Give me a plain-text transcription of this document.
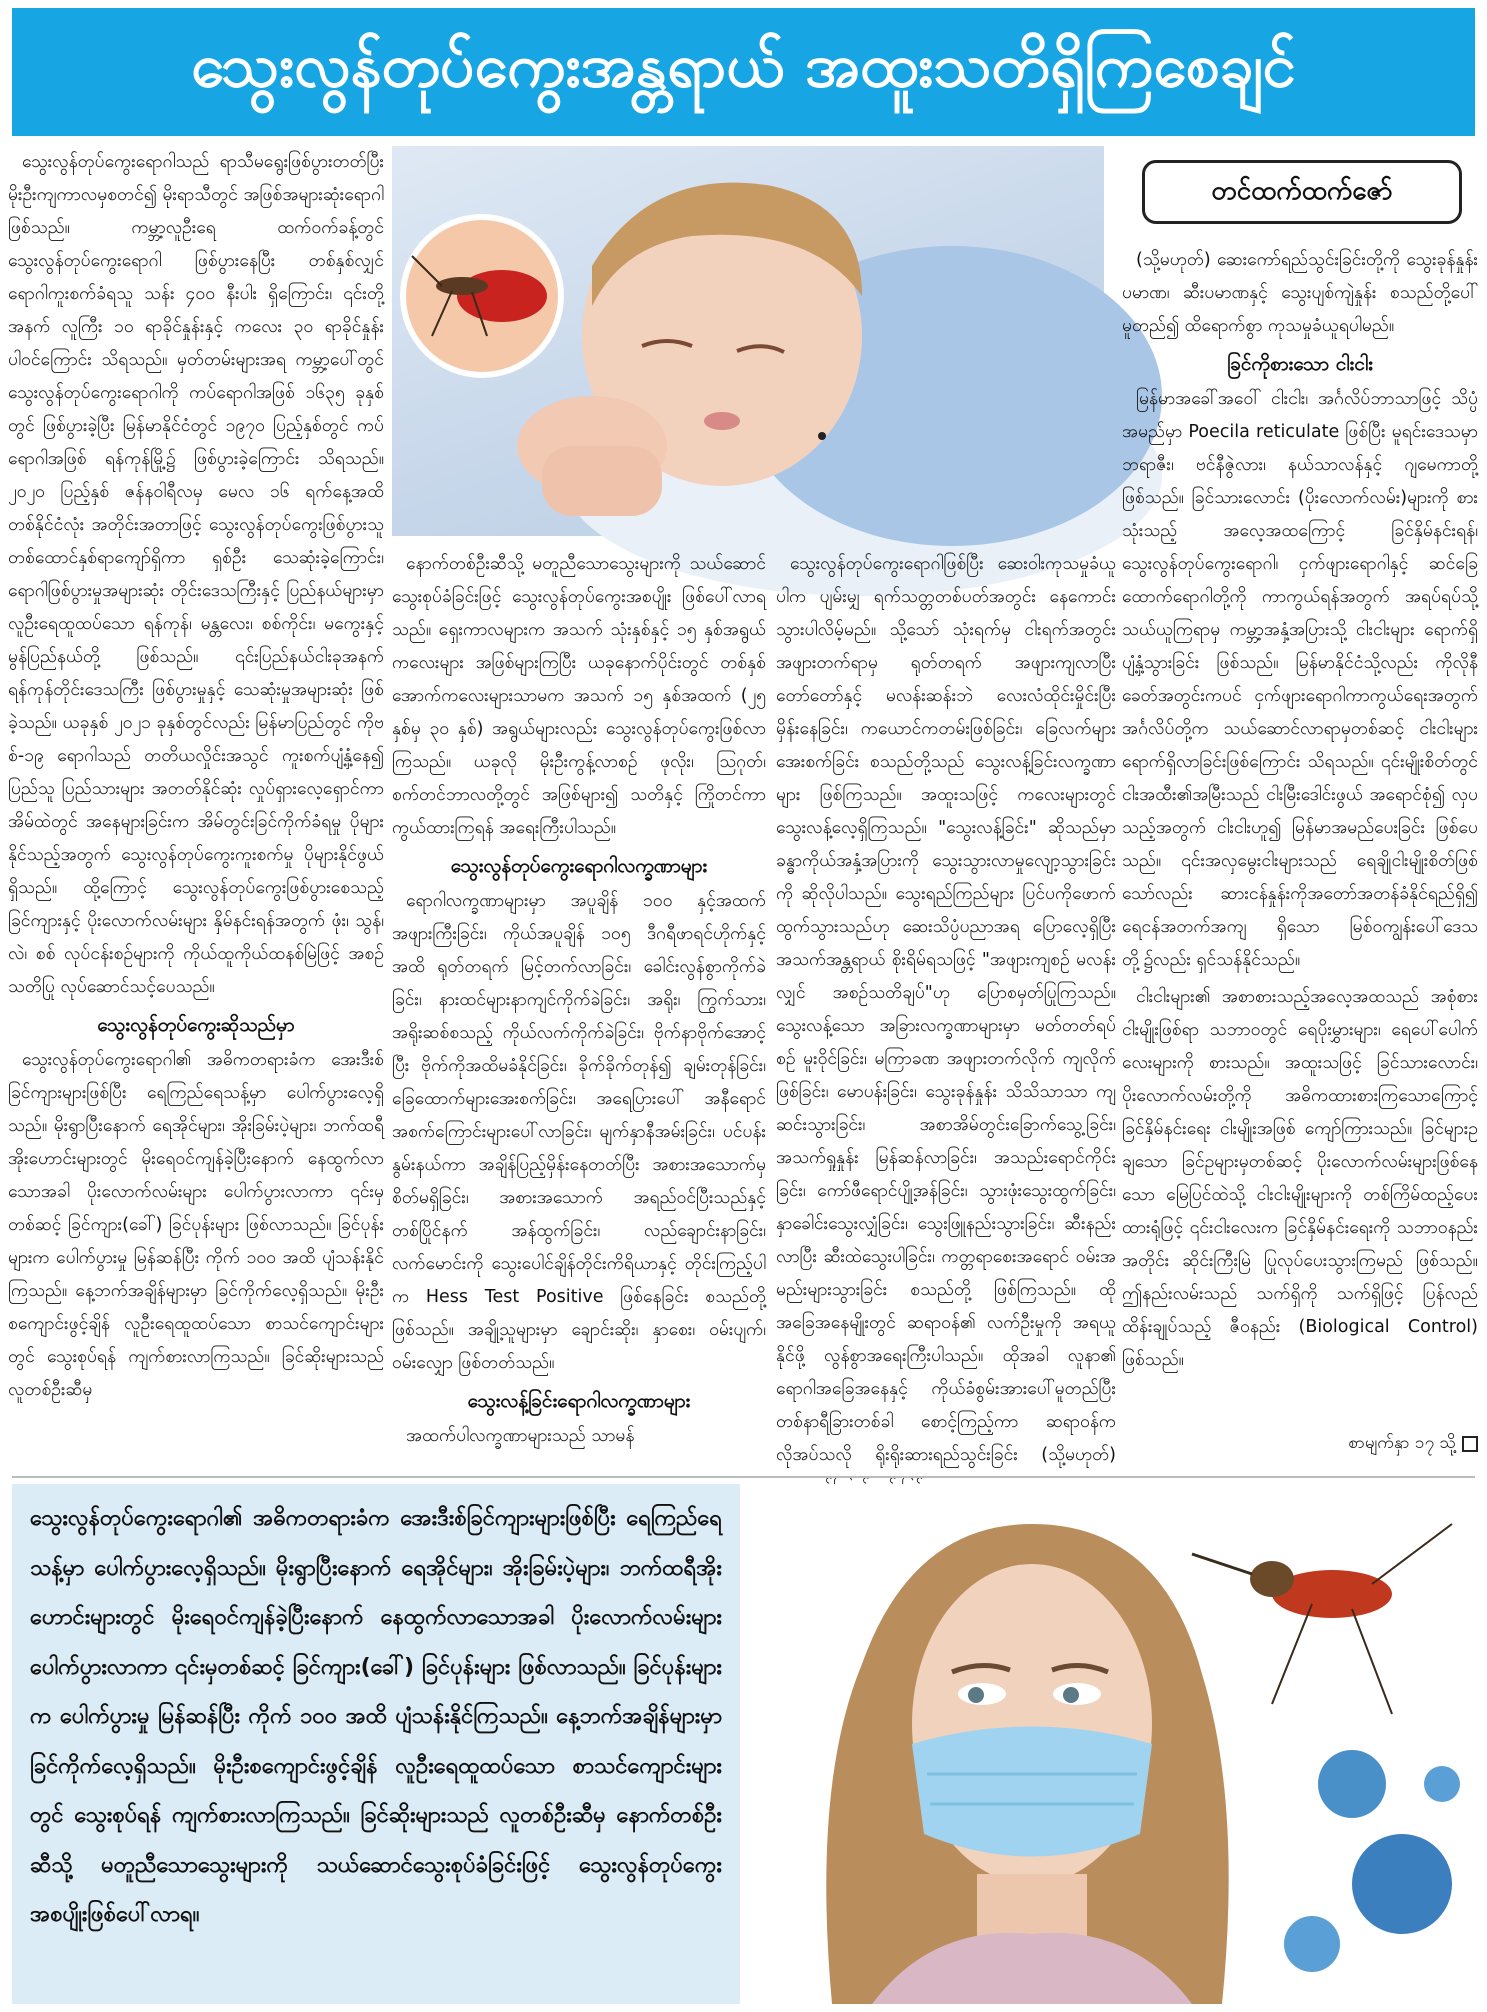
သွေးလွန်တုပ်ကွေးအန္တရာယ် အထူးသတိရှိကြစေချင်

သွေးလွန်တုပ်ကွေးရောဂါသည် ရာသီမရွေးဖြစ်ပွားတတ်ပြီး မိုးဦးကျကာလမှစတင်၍ မိုးရာသီတွင် အဖြစ်အများဆုံးရောဂါ ဖြစ်သည်။ ကမ္ဘာ့လူဦးရေ ထက်ဝက်ခန့်တွင် သွေးလွန်တုပ်ကွေးရောဂါ ဖြစ်ပွားနေပြီး တစ်နှစ်လျှင် ရောဂါကူးစက်ခံရသူ သန်း ၄၀၀ နီးပါး ရှိကြောင်း၊ ၎င်းတို့အနက် လူကြီး ၁၀ ရာခိုင်နှုန်းနှင့် ကလေး ၃၀ ရာခိုင်နှုန်း ပါဝင်ကြောင်း သိရသည်။ မှတ်တမ်းများအရ ကမ္ဘာ့ပေါ်တွင် သွေးလွန်တုပ်ကွေးရောဂါကို ကပ်ရောဂါအဖြစ် ၁၆၃၅ ခုနှစ်တွင် ဖြစ်ပွားခဲ့ပြီး မြန်မာနိုင်ငံတွင် ၁၉၇၀ ပြည့်နှစ်တွင် ကပ်ရောဂါအဖြစ် ရန်ကုန်မြို့၌ ဖြစ်ပွားခဲ့ကြောင်း သိရသည်။ ၂၀၂၀ ပြည့်နှစ် ဇန်နဝါရီလမှ မေလ ၁၆ ရက်နေ့အထိ တစ်နိုင်ငံလုံး အတိုင်းအတာဖြင့် သွေးလွန်တုပ်ကွေးဖြစ်ပွားသူ တစ်ထောင်နှစ်ရာကျော်ရှိကာ ရှစ်ဦး သေဆုံးခဲ့ကြောင်း၊ ရောဂါဖြစ်ပွားမှုအများဆုံး တိုင်းဒေသကြီးနှင့် ပြည်နယ်များမှာ လူဦးရေထူထပ်သော ရန်ကုန်၊ မန္တလေး၊ စစ်ကိုင်း၊ မကွေးနှင့် မွန်ပြည်နယ်တို့ ဖြစ်သည်။ ၎င်းပြည်နယ်ငါးခုအနက် ရန်ကုန်တိုင်းဒေသကြီး ဖြစ်ပွားမှုနှင့် သေဆုံးမှုအများဆုံး ဖြစ်ခဲ့သည်။ ယခုနှစ် ၂၀၂၁ ခုနှစ်တွင်လည်း မြန်မာပြည်တွင် ကိုဗစ်-၁၉ ရောဂါသည် တတိယလှိုင်းအသွင် ကူးစက်ပျံ့နှံ့နေ၍ ပြည်သူ ပြည်သားများ အတတ်နိုင်ဆုံး လှုပ်ရှားလေ့ရှောင်ကာ အိမ်ထဲတွင် အနေများခြင်းက အိမ်တွင်းခြင်ကိုက်ခံရမှု ပိုများနိုင်သည့်အတွက် သွေးလွန်တုပ်ကွေးကူးစက်မှု ပိုများနိုင်ဖွယ်ရှိသည်။ ထို့ကြောင့် သွေးလွန်တုပ်ကွေးဖြစ်ပွားစေသည့် ခြင်ကျားနှင့် ပိုးလောက်လမ်းများ နှိမ်နင်းရန်အတွက် ဖုံး၊ သွန်၊ လဲ၊ စစ် လုပ်ငန်းစဉ်များကို ကိုယ်ထူကိုယ်ထနစ်မြဲဖြင့် အစဉ်သတိပြု လုပ်ဆောင်သင့်ပေသည်။

သွေးလွန်တုပ်ကွေးဆိုသည်မှာ

သွေးလွန်တုပ်ကွေးရောဂါ၏ အဓိကတရားခံက အေးဒီးစ်ခြင်ကျားများဖြစ်ပြီး ရေကြည်ရေသန့်မှာ ပေါက်ပွားလေ့ရှိသည်။ မိုးရွာပြီးနောက် ရေအိုင်များ၊ အိုးခြမ်းပဲ့များ၊ ဘက်ထရီအိုးဟောင်းများတွင် မိုးရေဝင်ကျန်ခဲ့ပြီးနောက် နေထွက်လာသောအခါ ပိုးလောက်လမ်းများ ပေါက်ပွားလာကာ ၎င်းမှတစ်ဆင့် ခြင်ကျား(ခေါ်) ခြင်ပုန်းများ ဖြစ်လာသည်။ ခြင်ပုန်းများက ပေါက်ပွားမှု မြန်ဆန်ပြီး ကိုက် ၁၀၀ အထိ ပျံသန်းနိုင်ကြသည်။ နေ့ဘက်အချိန်များမှာ ခြင်ကိုက်လေ့ရှိသည်။ မိုးဦးစကျောင်းဖွင့်ချိန် လူဦးရေထူထပ်သော စာသင်ကျောင်းများတွင် သွေးစုပ်ရန် ကျက်စားလာကြသည်။ ခြင်ဆိုးများသည် လူတစ်ဦးဆီမှ

တင်ထက်ထက်ဇော်

နောက်တစ်ဦးဆီသို့ မတူညီသောသွေးများကို သယ်ဆောင်သွေးစုပ်ခံခြင်းဖြင့် သွေးလွန်တုပ်ကွေးအစပျိုး ဖြစ်ပေါ်လာရသည်။ ရှေးကာလများက အသက် သုံးနှစ်နှင့် ၁၅ နှစ်အရွယ်ကလေးများ အဖြစ်များကြပြီး ယခုနောက်ပိုင်းတွင် တစ်နှစ်အောက်ကလေးများသာမက အသက် ၁၅ နှစ်အထက် (၂၅ နှစ်မှ ၃၀ နှစ်) အရွယ်များလည်း သွေးလွန်တုပ်ကွေးဖြစ်လာကြသည်။ ယခုလို မိုးဦးကွန့်လာစဉ် ဖုလိုး၊ ဩဂုတ်၊ စက်တင်ဘာလတို့တွင် အဖြစ်များ၍ သတိနှင့် ကြိုတင်ကာကွယ်ထားကြရန် အရေးကြီးပါသည်။

သွေးလွန်တုပ်ကွေးရောဂါလက္ခဏာများ

ရောဂါလက္ခဏာများမှာ အပူချိန် ၁၀၀ နှင့်အထက် အဖျားကြီးခြင်း၊ ကိုယ်အပူချိန် ၁၀၅ ဒီဂရီဖာရင်ဟိုက်နှင့် အထိ ရုတ်တရက် မြင့်တက်လာခြင်း၊ ခေါင်းလွန်စွာကိုက်ခဲခြင်း၊ နားထင်များနာကျင်ကိုက်ခဲခြင်း၊ အရိုး၊ ကြွက်သား၊ အရိုးဆစ်စသည့် ကိုယ်လက်ကိုက်ခဲခြင်း၊ ဗိုက်နာဗိုက်အောင့်ပြီး ဗိုက်ကိုအထိမခံနိုင်ခြင်း၊ ခိုက်ခိုက်တုန်၍ ချမ်းတုန်ခြင်း၊ ခြေထောက်များအေးစက်ခြင်း၊ အရေပြားပေါ် အနီရောင်အစက်ကြောင်းများပေါ်လာခြင်း၊ မျက်နှာနီအမ်းခြင်း၊ ပင်ပန်းနွမ်းနယ်ကာ အချိန်ပြည့်မှိန်းနေတတ်ပြီး အစားအသောက်မှ စိတ်မရှိခြင်း၊ အစားအသောက် အရည်ဝင်ပြီးသည်နှင့် တစ်ပြိုင်နက် အန်ထွက်ခြင်း၊ လည်ချောင်းနာခြင်း၊ လက်မောင်းကို သွေးပေါင်ချိန်တိုင်းကိရိယာနှင့် တိုင်းကြည့်ပါက Hess Test Positive ဖြစ်နေခြင်း စသည်တို့ဖြစ်သည်။ အချို့သူများမှာ ချောင်းဆိုး၊ နှာစေး၊ ဝမ်းပျက်၊ ဝမ်းလျှော ဖြစ်တတ်သည်။

သွေးလန့်ခြင်းရောဂါလက္ခဏာများ

အထက်ပါလက္ခဏာများသည် သာမန်

သွေးလွန်တုပ်ကွေးရောဂါဖြစ်ပြီး ဆေးဝါးကုသမှုခံယူပါက ပျမ်းမျှ ရက်သတ္တတစ်ပတ်အတွင်း နေကောင်းသွားပါလိမ့်မည်။ သို့သော် သုံးရက်မှ ငါးရက်အတွင်း အဖျားတက်ရာမှ ရုတ်တရက် အဖျားကျလာပြီး တော်တော်နှင့် မလန်းဆန်းဘဲ လေးလံထိုင်းမှိုင်းပြီး မှိန်းနေခြင်း၊ ကယောင်ကတမ်းဖြစ်ခြင်း၊ ခြေလက်များအေးစက်ခြင်း စသည်တို့သည် သွေးလန့်ခြင်းလက္ခဏာများ ဖြစ်ကြသည်။ အထူးသဖြင့် ကလေးများတွင် သွေးလန့်လေ့ရှိကြသည်။ "သွေးလန့်ခြင်း" ဆိုသည်မှာ ခန္ဓာကိုယ်အနှံ့အပြားကို သွေးသွားလာမှုလျော့သွားခြင်းကို ဆိုလိုပါသည်။ သွေးရည်ကြည်များ ပြင်ပကိုဖောက်ထွက်သွားသည်ဟု ဆေးသိပ္ပံပညာအရ ပြောလေ့ရှိပြီး အသက်အန္တရာယ် စိုးရိမ်ရသဖြင့် "အဖျားကျစဉ် မလန်းလျှင် အစဉ်သတိချပ်"ဟု ပြောစမှတ်ပြုကြသည်။ သွေးလန့်သော အခြားလက္ခဏာများမှာ မတ်တတ်ရပ်စဉ် မူးဝိုင်ခြင်း၊ မကြာခဏ အဖျားတက်လိုက် ကျလိုက်ဖြစ်ခြင်း၊ မောပန်းခြင်း၊ သွေးခုန်နှုန်း သိသိသာသာ ကျဆင်းသွားခြင်း၊ အစာအိမ်တွင်းခြောက်သွေ့ခြင်း၊ အသက်ရှုနှုန်း မြန်ဆန်လာခြင်း၊ အသည်းရောင်ကိုင်းခြင်း၊ ကော်ဖီရောင်ပျို့အန်ခြင်း၊ သွားဖုံးသွေးထွက်ခြင်း၊ နှာခေါင်းသွေးလျှံခြင်း၊ သွေးဖြူနည်းသွားခြင်း၊ ဆီးနည်းလာပြီး ဆီးထဲသွေးပါခြင်း၊ ကတ္တရာစေးအရောင် ဝမ်းအမည်းများသွားခြင်း စသည်တို့ ဖြစ်ကြသည်။ ထိုအခြေအနေမျိုးတွင် ဆရာဝန်၏ လက်ဦးမှုကို အရယူနိုင်ဖို့ လွန်စွာအရေးကြီးပါသည်။ ထိုအခါ လူနာ၏ ရောဂါအခြေအနေနှင့် ကိုယ်ခံစွမ်းအားပေါ်မူတည်ပြီး တစ်နာရီခြားတစ်ခါ စောင့်ကြည့်ကာ ဆရာဝန်က လိုအပ်သလို ရိုးရိုးဆားရည်သွင်းခြင်း (သို့မဟုတ်)

(သို့မဟုတ်) ဆေးကော်ရည်သွင်းခြင်းတို့ကို သွေးခုန်နှုန်းပမာဏ၊ ဆီးပမာဏနှင့် သွေးပျစ်ကျဲနှုန်း စသည်တို့ပေါ်မူတည်၍ ထိရောက်စွာ ကုသမှုခံယူရပါမည်။

ခြင်ကိုစားသော ငါးငါး

မြန်မာအခေါ်အဝေါ် ငါးငါး၊ အင်္ဂလိပ်ဘာသာဖြင့် သိပ္ပံအမည်မှာ Poecila reticulate ဖြစ်ပြီး မူရင်းဒေသမှာ ဘရာဇီး၊ ဗင်နီဇွဲလား၊ နယ်သာလန်နှင့် ဂျမေကာတို့ ဖြစ်သည်။ ခြင်သားလောင်း (ပိုးလောက်လမ်း)များကို စားသုံးသည့် အလေ့အထကြောင့် ခြင်နှိမ်နင်းရန်၊ သွေးလွန်တုပ်ကွေးရောဂါ၊ ငှက်ဖျားရောဂါနှင့် ဆင်ခြေထောက်ရောဂါတို့ကို ကာကွယ်ရန်အတွက် အရပ်ရပ်သို့သယ်ယူကြရာမှ ကမ္ဘာ့အနှံ့အပြားသို့ ငါးငါးများ ရောက်ရှိပျံ့နှံ့သွားခြင်း ဖြစ်သည်။ မြန်မာနိုင်ငံသို့လည်း ကိုလိုနီခေတ်အတွင်းကပင် ငှက်ဖျားရောဂါကာကွယ်ရေးအတွက် အင်္ဂလိပ်တို့က သယ်ဆောင်လာရာမှတစ်ဆင့် ငါးငါးများ ရောက်ရှိလာခြင်းဖြစ်ကြောင်း သိရသည်။ ၎င်းမျိုးစိတ်တွင် ငါးအထီး၏အမြီးသည် ငါးမြီးဒေါင်းဖွယ် အရောင်စုံ၍ လှပသည့်အတွက် ငါးငါးဟူ၍ မြန်မာအမည်ပေးခြင်း ဖြစ်ပေသည်။ ၎င်းအလှမွေးငါးများသည် ရေချိုငါးမျိုးစိတ်ဖြစ်သော်လည်း ဆားငန်နှုန်းကိုအတော်အတန်ခံနိုင်ရည်ရှိ၍ ရေငန်အတက်အကျ ရှိသော မြစ်ဝကျွန်းပေါ်ဒေသတို့၌လည်း ရှင်သန်နိုင်သည်။

ငါးငါးများ၏ အစာစားသည့်အလေ့အထသည် အစုံစားငါးမျိုးဖြစ်ရာ သဘာဝတွင် ရေပိုးမွှားများ၊ ရေပေါ်ပေါက်လေးများကို စားသည်။ အထူးသဖြင့် ခြင်သားလောင်း၊ ပိုးလောက်လမ်းတို့ကို အဓိကထားစားကြသောကြောင့် ခြင်နှိမ်နင်းရေး ငါးမျိုးအဖြစ် ကျော်ကြားသည်။ ခြင်များဥချသော ခြင်ဥများမှတစ်ဆင့် ပိုးလောက်လမ်းများဖြစ်နေသော မြေပြင်ထဲသို့ ငါးငါးမျိုးများကို တစ်ကြိမ်ထည့်ပေးထားရုံဖြင့် ၎င်းငါးလေးက ခြင်နှိမ်နင်းရေးကို သဘာဝနည်းအတိုင်း ဆိုင်းကြီးမြဲ ပြုလုပ်ပေးသွားကြမည် ဖြစ်သည်။ ဤနည်းလမ်းသည် သက်ရှိကို သက်ရှိဖြင့် ပြန်လည်ထိန်းချုပ်သည့် ဇီဝနည်း (Biological Control) ဖြစ်သည်။

စာမျက်နှာ ၁၇ သို့
သွေးလွန်တုပ်ကွေးရောဂါ၏ အဓိကတရားခံက အေးဒီးစ်ခြင်ကျားများဖြစ်ပြီး ရေကြည်ရေသန့်မှာ ပေါက်ပွားလေ့ရှိသည်။ မိုးရွာပြီးနောက် ရေအိုင်များ၊ အိုးခြမ်းပဲ့များ၊ ဘက်ထရီအိုးဟောင်းများတွင် မိုးရေဝင်ကျန်ခဲ့ပြီးနောက် နေထွက်လာသောအခါ ပိုးလောက်လမ်းများ ပေါက်ပွားလာကာ ၎င်းမှတစ်ဆင့် ခြင်ကျား(ခေါ်) ခြင်ပုန်းများ ဖြစ်လာသည်။ ခြင်ပုန်းများက ပေါက်ပွားမှု မြန်ဆန်ပြီး ကိုက် ၁၀၀ အထိ ပျံသန်းနိုင်ကြသည်။ နေ့ဘက်အချိန်များမှာ ခြင်ကိုက်လေ့ရှိသည်။ မိုးဦးစကျောင်းဖွင့်ချိန် လူဦးရေထူထပ်သော စာသင်ကျောင်းများတွင် သွေးစုပ်ရန် ကျက်စားလာကြသည်။ ခြင်ဆိုးများသည် လူတစ်ဦးဆီမှ နောက်တစ်ဦးဆီသို့ မတူညီသောသွေးများကို သယ်ဆောင်သွေးစုပ်ခံခြင်းဖြင့် သွေးလွန်တုပ်ကွေး အစပျိုးဖြစ်ပေါ်လာရ။
